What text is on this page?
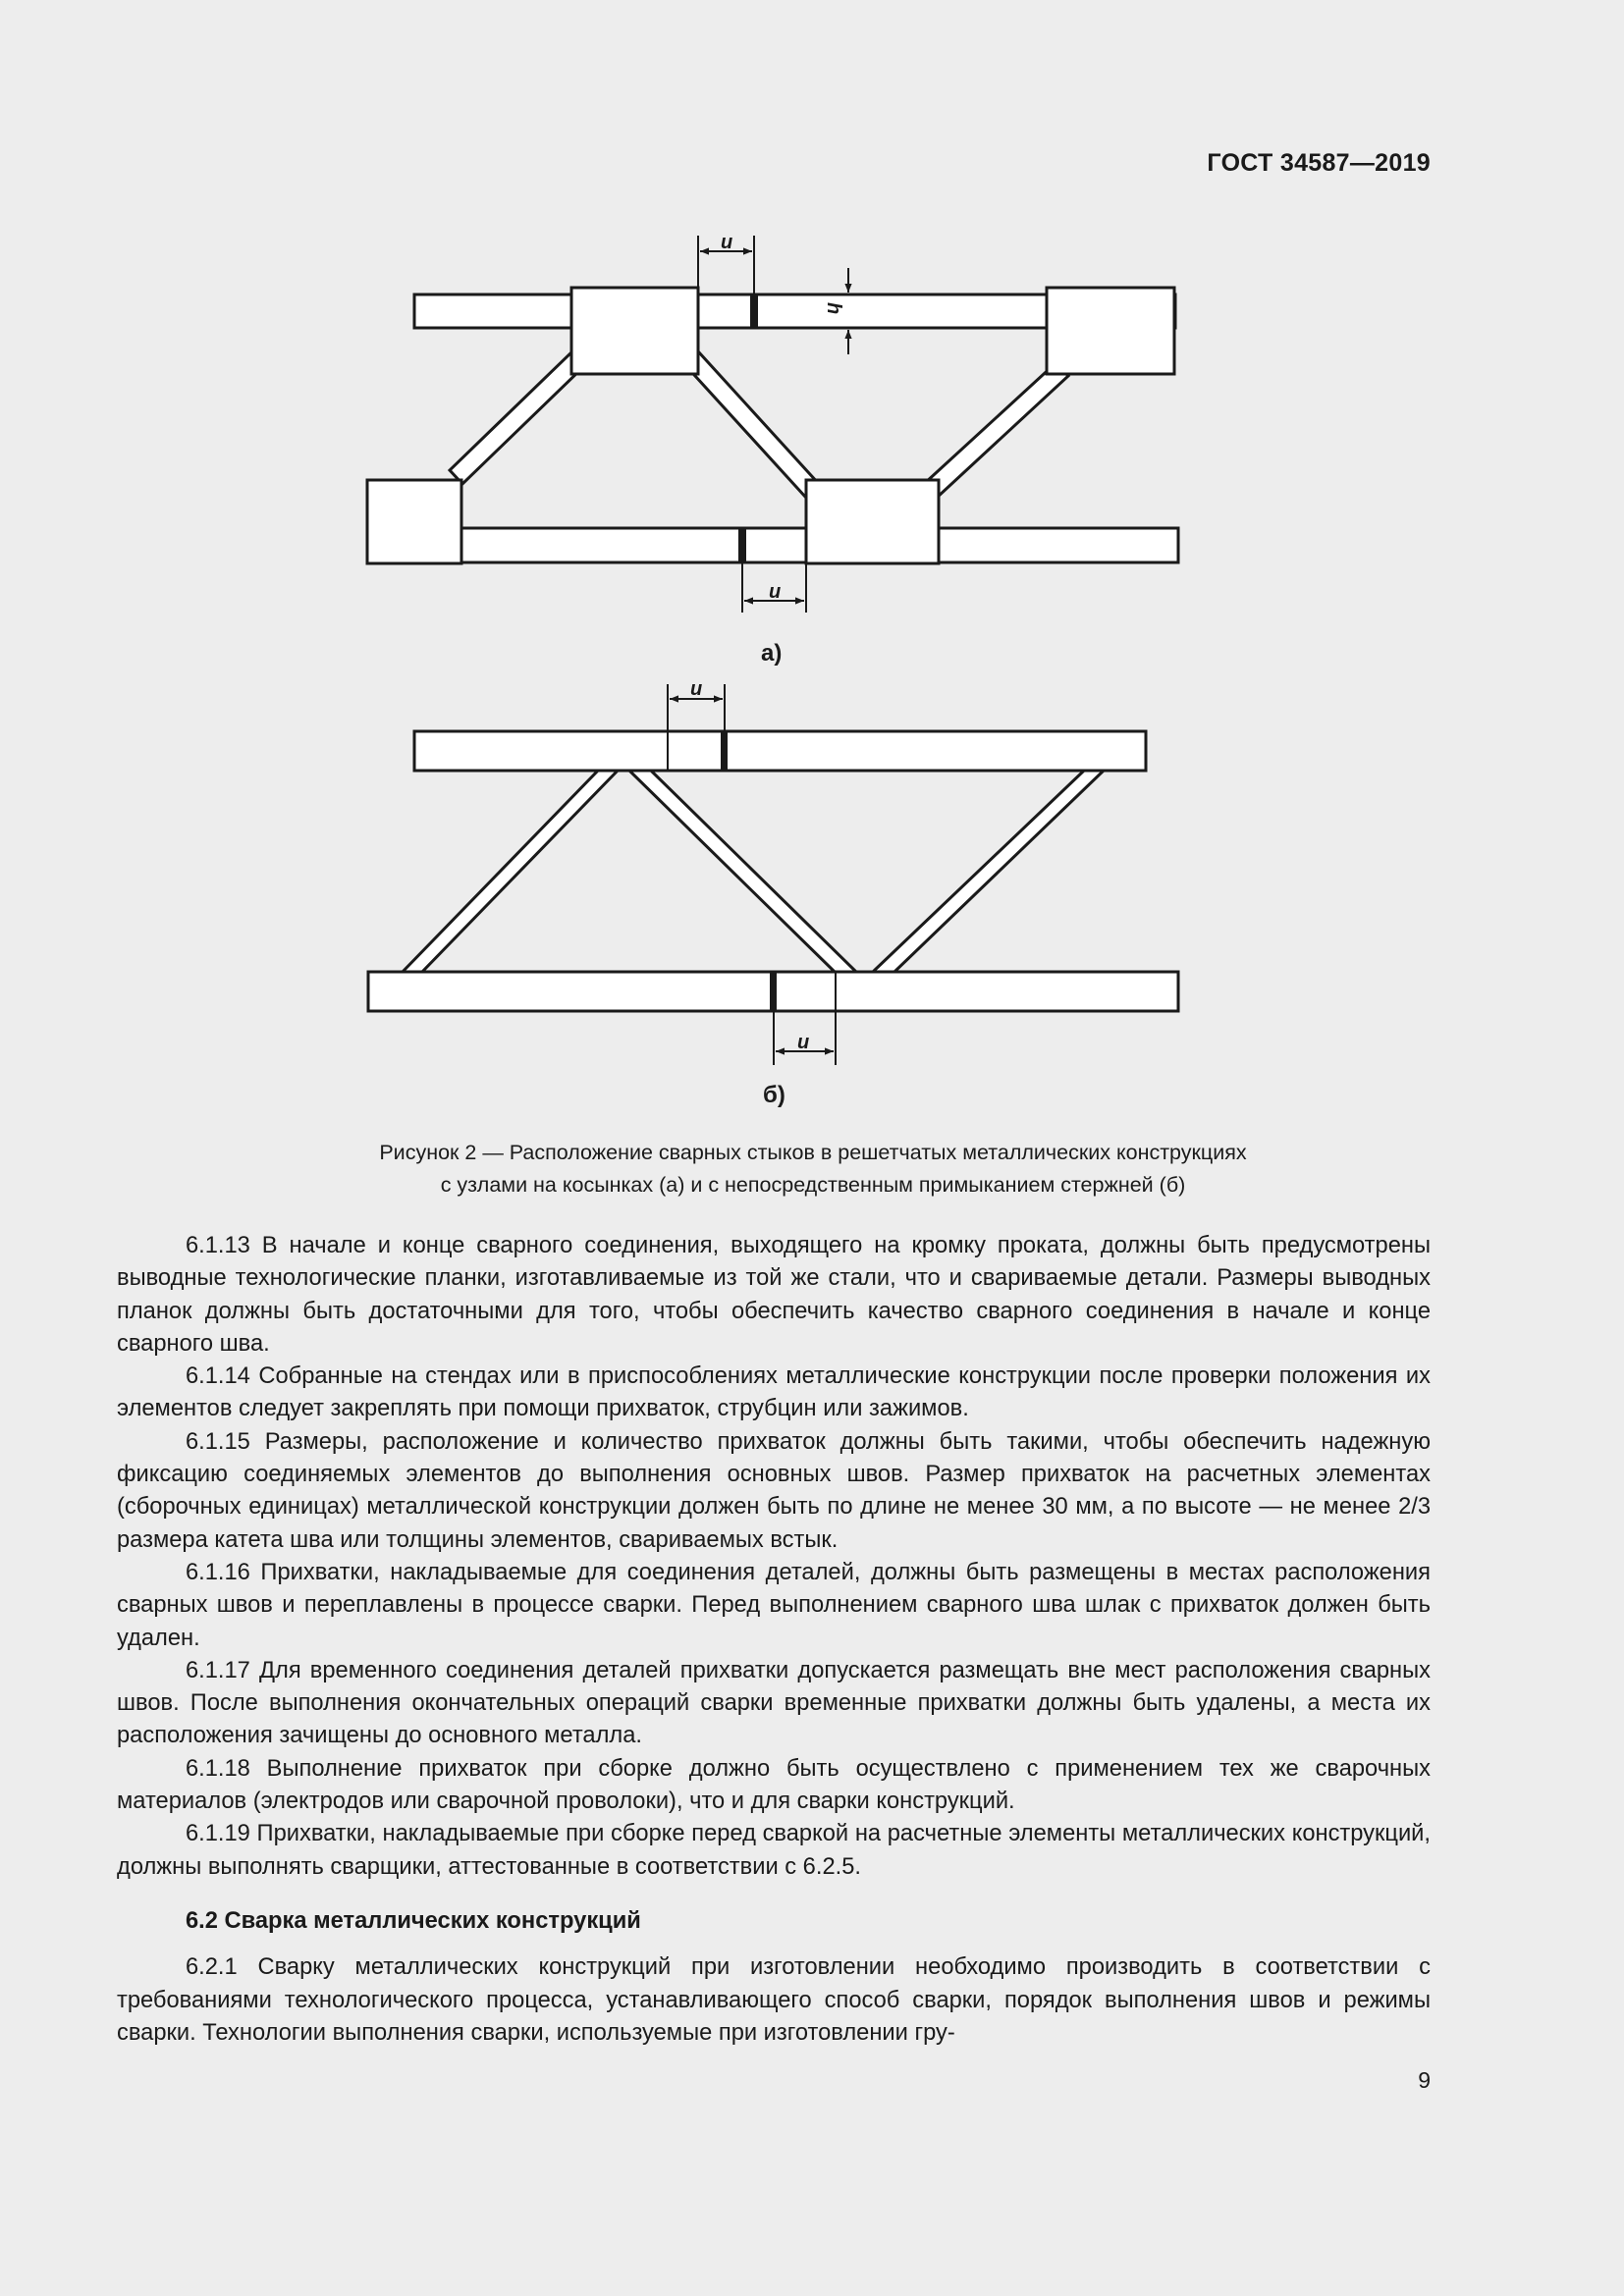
ГОСТ 34587—2019
u
h
u
а)
u
u
б)
Рисунок 2 — Расположение сварных стыков в решетчатых металлических конструкциях
с узлами на косынках (а) и с непосредственным примыканием стержней (б)

6.1.13 В начале и конце сварного соединения, выходящего на кромку проката, должны быть предусмотрены выводные технологические планки, изготавливаемые из той же стали, что и свариваемые детали. Размеры выводных планок должны быть достаточными для того, чтобы обеспечить качество сварного соединения в начале и конце сварного шва.

6.1.14 Собранные на стендах или в приспособлениях металлические конструкции после проверки положения их элементов следует закреплять при помощи прихваток, струбцин или зажимов.

6.1.15 Размеры, расположение и количество прихваток должны быть такими, чтобы обеспечить надежную фиксацию соединяемых элементов до выполнения основных швов. Размер прихваток на расчетных элементах (сборочных единицах) металлической конструкции должен быть по длине не менее 30 мм, а по высоте — не менее 2/3 размера катета шва или толщины элементов, свариваемых встык.

6.1.16 Прихватки, накладываемые для соединения деталей, должны быть размещены в местах расположения сварных швов и переплавлены в процессе сварки. Перед выполнением сварного шва шлак с прихваток должен быть удален.

6.1.17 Для временного соединения деталей прихватки допускается размещать вне мест расположения сварных швов. После выполнения окончательных операций сварки временные прихватки должны быть удалены, а места их расположения зачищены до основного металла.

6.1.18 Выполнение прихваток при сборке должно быть осуществлено с применением тех же сварочных материалов (электродов или сварочной проволоки), что и для сварки конструкций.

6.1.19 Прихватки, накладываемые при сборке перед сваркой на расчетные элементы металлических конструкций, должны выполнять сварщики, аттестованные в соответствии с 6.2.5.

6.2 Сварка металлических конструкций

6.2.1 Сварку металлических конструкций при изготовлении необходимо производить в соответствии с требованиями технологического процесса, устанавливающего способ сварки, порядок выполнения швов и режимы сварки. Технологии выполнения сварки, используемые при изготовлении гру-

9
